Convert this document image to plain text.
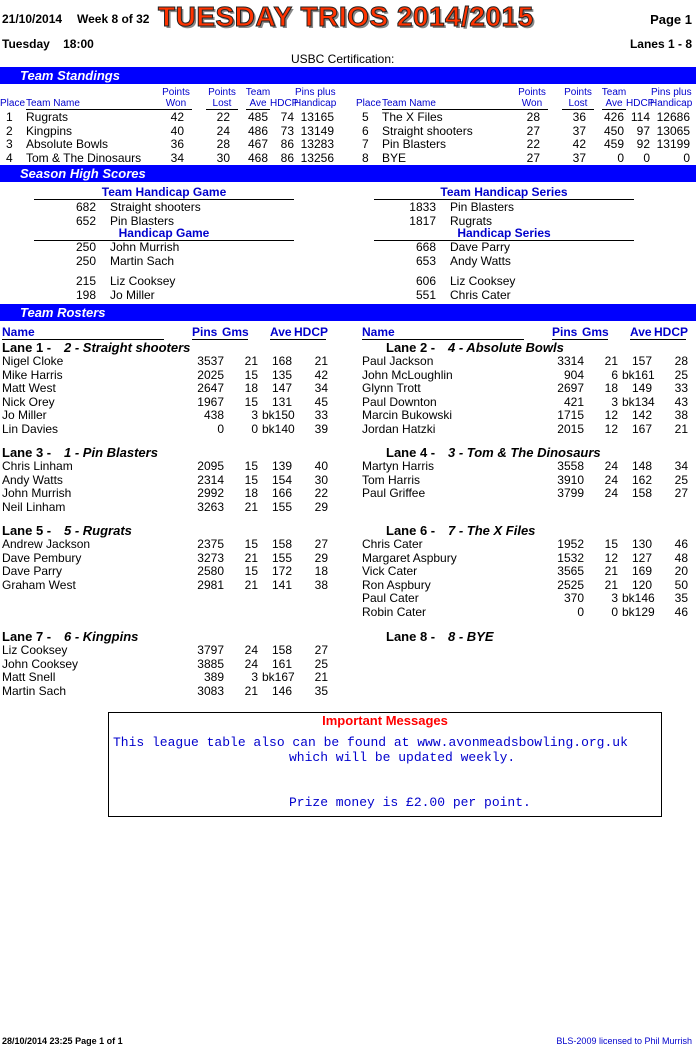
21/10/2014 Week 8 of 32 TUESDAY TRIOS 2014/2015	Page 1
Tuesday    18:00	Lanes 1 - 8
USBC Certification:
Team Standings
Place Team Name
Points
Won
Points
Lost
Team
Ave HDCP
Pins plus
Handicap Place Team Name
Points
Won
Points
Lost
Team
Ave HDCP
Pins plus
Handicap
1 Rugrats	42	22	485	74 13165
2 Kingpins	40	24	486	73 13149
3 Absolute Bowls	36	28	467	86 13283
4 Tom & The Dinosaurs	34	30	468	86 13256
5 The X Files	28	36	426 114 12686
6 Straight shooters	27	37	450	97 13065
7 Pin Blasters	22	42	459	92 13199
8 BYE	27	37	0	0	0
Season High Scores
Team Handicap Game
682 Straight shooters
652 Pin Blasters
Team Handicap Series
1833 Pin Blasters
1817 Rugrats
Handicap Game
250 John Murrish
250 Martin Sach
Handicap Series
668 Dave Parry
653 Andy Watts
215 Liz Cooksey
198 Jo Miller
606 Liz Cooksey
551 Chris Cater
Team Rosters
Name	Pins Gms Ave HDCP	Name	Pins Gms Ave HDCP
Lane 1 - 2 - Straight shooters
Nigel Cloke	3537	21	168	21
Mike Harris	2025	15	135	42
Matt West	2647	18	147	34
Nick Orey	1967	15	131	45
Jo Miller	438	3 bk150	33
Lin Davies	0	0 bk140	39
Lane 2 - 4 - Absolute Bowls
Paul Jackson	3314	21	157	28
John McLoughlin	904	6 bk161	25
Glynn Trott	2697	18	149	33
Paul Downton	421	3 bk134	43
Marcin Bukowski	1715	12	142	38
Jordan Hatzki	2015	12	167	21
Lane 3 - 1 - Pin Blasters
Chris Linham	2095	15	139	40
Andy Watts	2314	15	154	30
John Murrish	2992	18	166	22
Neil Linham	3263	21	155	29
Lane 4 - 3 - Tom & The Dinosaurs
Martyn Harris	3558	24	148	34
Tom Harris	3910	24	162	25
Paul Griffee	3799	24	158	27
Lane 5 - 5 - Rugrats
Andrew Jackson	2375	15	158	27
Dave Pembury	3273	21	155	29
Dave Parry	2580	15	172	18
Graham West	2981	21	141	38
Lane 6 - 7 - The X Files
Chris Cater	1952	15	130	46
Margaret Aspbury	1532	12	127	48
Vick Cater	3565	21	169	20
Ron Aspbury	2525	21	120	50
Paul Cater	370	3 bk146	35
Robin Cater	0	0 bk129	46
Lane 7 - 6 - Kingpins
Liz Cooksey	3797	24	158	27
John Cooksey	3885	24	161	25
Matt Snell	389	3 bk167	21
Martin Sach	3083	21	146	35
Lane 8 - 8 - BYE
Important Messages
This league table also can be found at www.avonmeadsbowling.org.uk
which will be updated weekly.
Prize money is £2.00 per point.
28/10/2014 23:25 Page 1 of 1	BLS-2009 licensed to Phil Murrish
